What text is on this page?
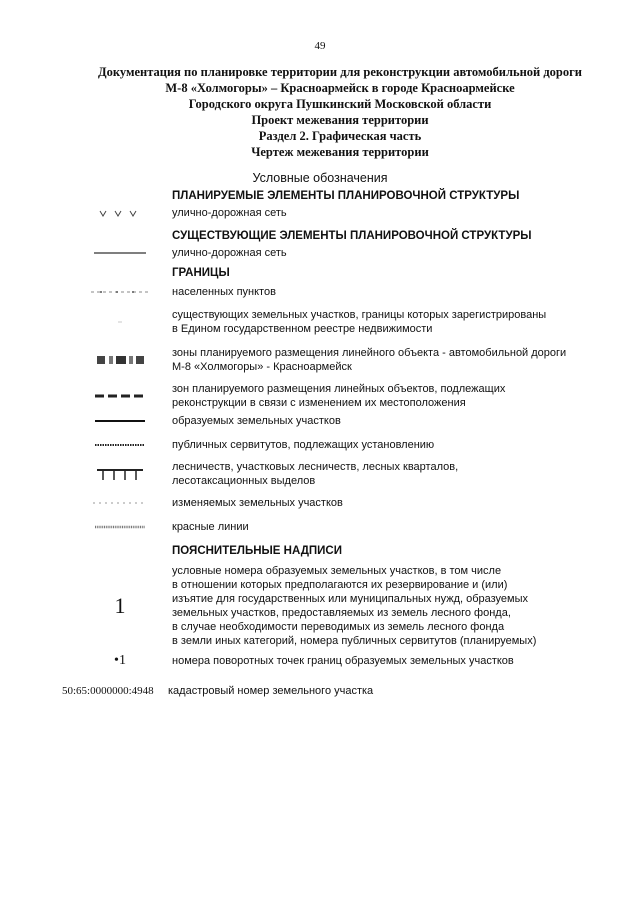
49
Документация по планировке территории для реконструкции автомобильной дороги
М-8 «Холмогоры» – Красноармейск в городе Красноармейске
Городского округа Пушкинский Московской области
Проект межевания территории
Раздел 2. Графическая часть
Чертеж межевания территории
Условные обозначения
ПЛАНИРУЕМЫЕ ЭЛЕМЕНТЫ ПЛАНИРОВОЧНОЙ СТРУКТУРЫ
улично-дорожная сеть
СУЩЕСТВУЮЩИЕ ЭЛЕМЕНТЫ ПЛАНИРОВОЧНОЙ СТРУКТУРЫ
улично-дорожная сеть
ГРАНИЦЫ
населенных пунктов
существующих земельных участков, границы которых зарегистрированы
в Едином государственном реестре недвижимости
зоны планируемого размещения линейного объекта - автомобильной дороги
М-8 «Холмогоры» - Красноармейск
зон планируемого размещения линейных объектов, подлежащих
реконструкции в связи с изменением их местоположения
образуемых земельных участков
публичных сервитутов, подлежащих установлению
лесничеств, участковых лесничеств, лесных кварталов,
лесотаксационных выделов
изменяемых земельных участков
красные линии
ПОЯСНИТЕЛЬНЫЕ НАДПИСИ
1
условные номера образуемых земельных участков, в том числе
в отношении которых предполагаются их резервирование и (или)
изъятие для государственных или муниципальных нужд, образуемых
земельных участков, предоставляемых из земель лесного фонда,
в случае необходимости переводимых из земель лесного фонда
в земли иных категорий, номера публичных сервитутов (планируемых)
•1	номера поворотных точек границ образуемых земельных участков
50:65:0000000:4948 кадастровый номер земельного участка
